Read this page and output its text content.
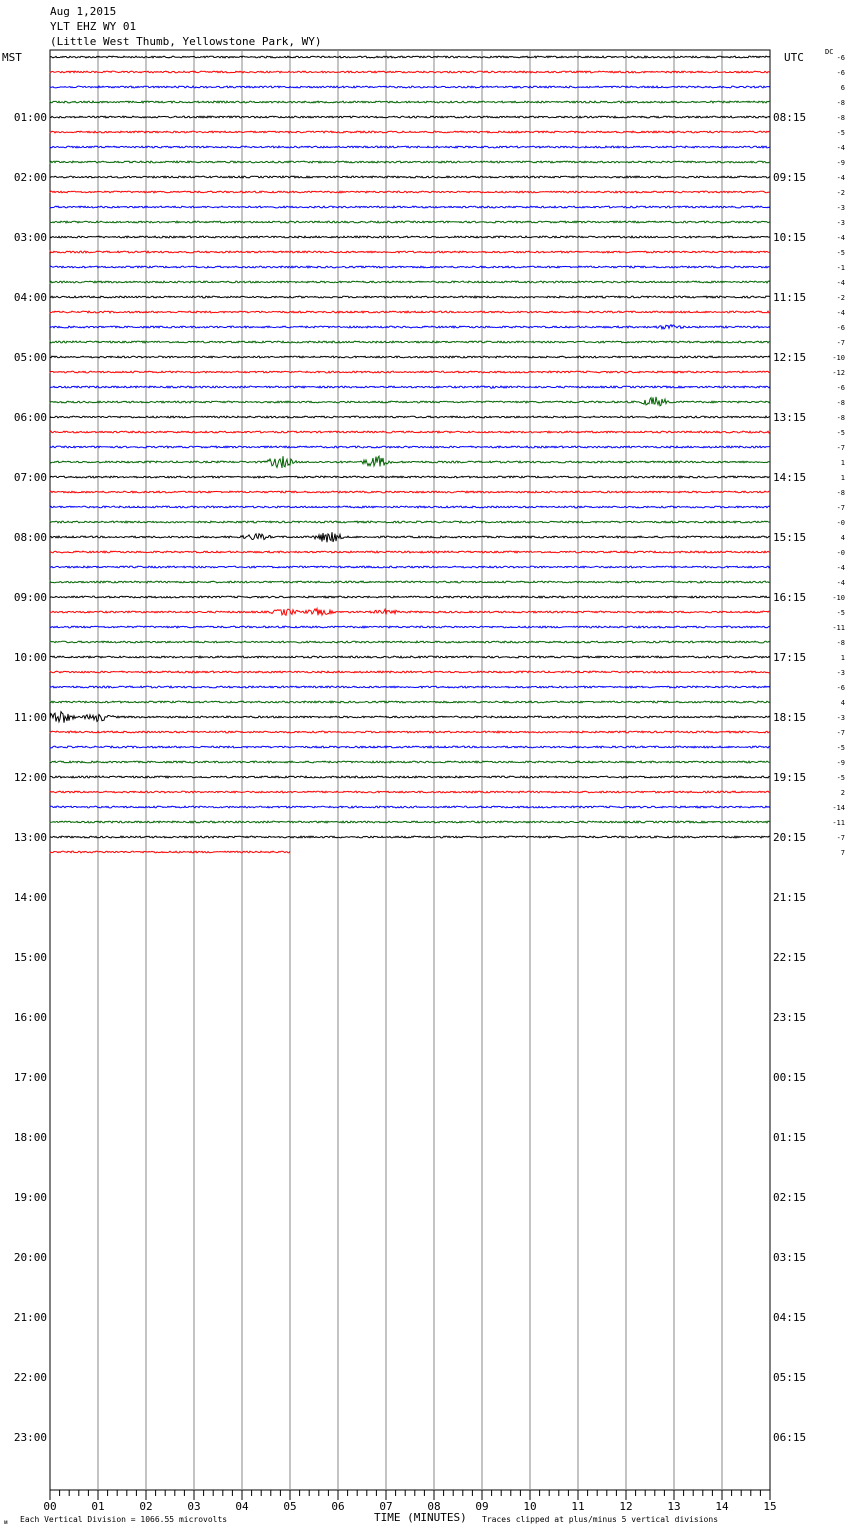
Aug 1,2015
YLT EHZ WY 01
(Little West Thumb, Yellowstone Park, WY)
MST	UTC	DC
00	01	02	03	04	05	06	07	08	09	10	11	12	13	14	15
01:00	08:15
02:00	09:15
03:00	10:15
04:00	11:15
05:00	12:15
06:00	13:15
07:00	14:15
08:00	15:15
09:00	16:15
10:00	17:15
11:00	18:15
12:00	19:15
13:00	20:15
14:00	21:15
15:00	22:15
16:00	23:15
17:00	00:15
18:00	01:15
19:00	02:15
20:00	03:15
21:00	04:15
22:00	05:15
23:00	06:15
-6
-6
6
-8
-8
-5
-4
-9
-4
-2
-3
-3
-4
-5
-1
-4
-2
-4
-6
-7
-10
-12
-6
-8
-8
-5
-7
1
1
-8
-7
-0
4
-0
-4
-4
-10
-5
-11
-8
1
-3
-6
4
-3
-7
-5
-9
-5
2
-14
-11
-7
7
ᴍ Each Vertical Division = 1066.55 microvolts	TIME (MINUTES) Traces clipped at plus/minus 5 vertical divisions
